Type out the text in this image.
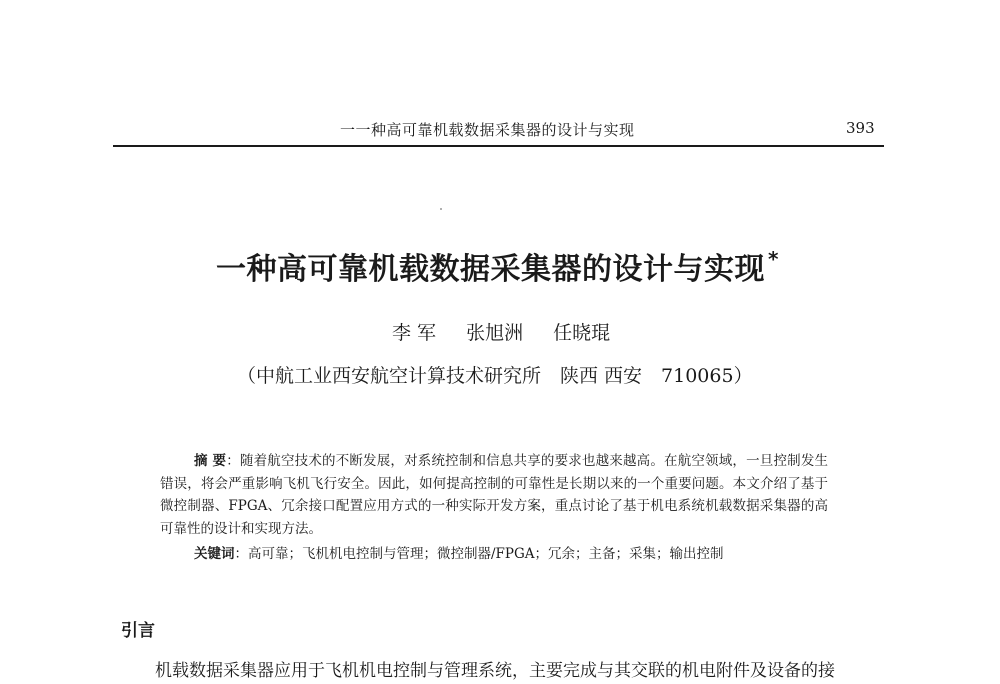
一一种高可靠机载数据采集器的设计与实现	393
一种高可靠机载数据采集器的设计与实现 *
李 军 张旭洲 任晓琨
（中航工业西安航空计算技术研究所　陕西 西安　710065）
摘 要：随着航空技术的不断发展，对系统控制和信息共享的要求也越来越高。在航空领域，一旦控制发生错误，将会严重影响飞机飞行安全。因此，如何提高控制的可靠性是长期以来的一个重要问题。本文介绍了基于微控制器、FPGA、冗余接口配置应用方式的一种实际开发方案，重点讨论了基于机电系统机载数据采集器的高可靠性的设计和实现方法。
关键词：高可靠；飞机机电控制与管理；微控制器/FPGA；冗余；主备；采集；输出控制
引言
机载数据采集器应用于飞机机电控制与管理系统，主要完成与其交联的机电附件及设备的接
